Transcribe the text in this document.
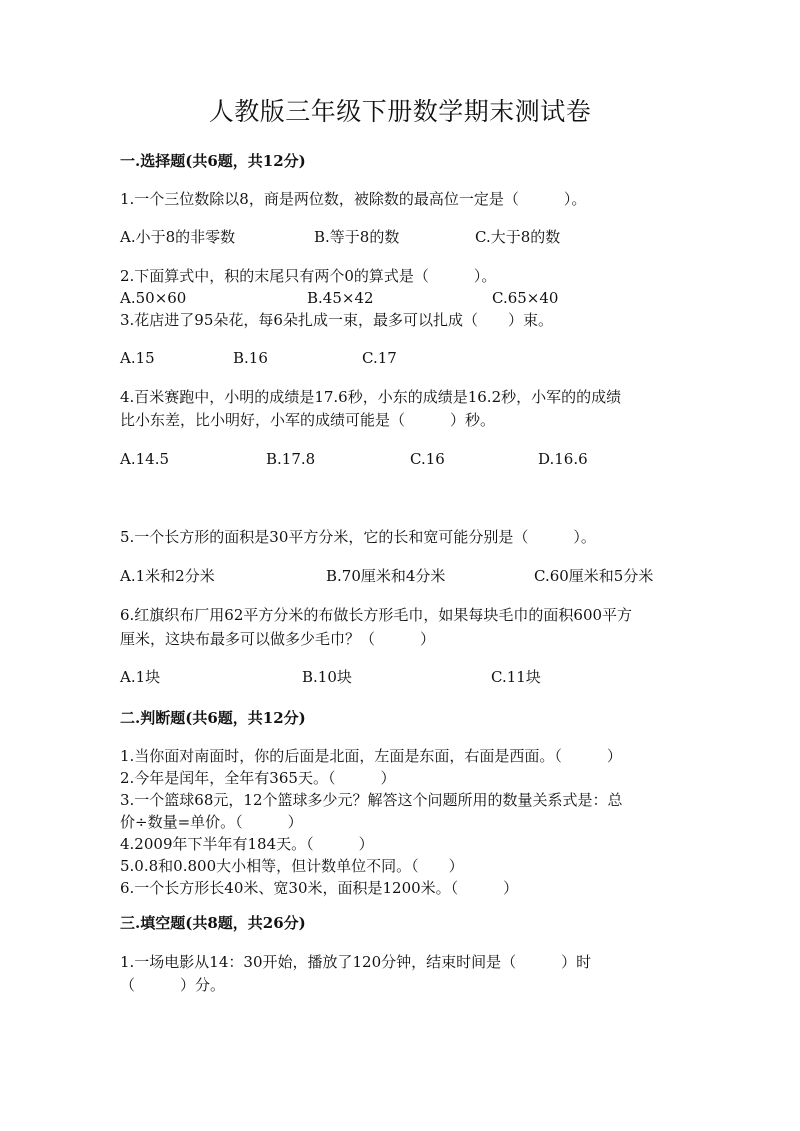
人教版三年级下册数学期末测试卷

一.选择题(共6题，共12分)

1.一个三位数除以8，商是两位数，被除数的最高位一定是（　　　）。

A.小于8的非零数	B.等于8的数	C.大于8的数

2.下面算式中，积的末尾只有两个0的算式是（　　　）。

A.50×60	B.45×42	C.65×40

3.花店进了95朵花，每6朵扎成一束，最多可以扎成（　　）束。

A.15	B.16	C.17

4.百米赛跑中，小明的成绩是17.6秒，小东的成绩是16.2秒，小军的的成绩

比小东差，比小明好，小军的成绩可能是（　　　）秒。

A.14.5	B.17.8	C.16	D.16.6

5.一个长方形的面积是30平方分米，它的长和宽可能分别是（　　　）。

A.1米和2分米	B.70厘米和4分米	C.60厘米和5分米

6.红旗织布厂用62平方分米的布做长方形毛巾，如果每块毛巾的面积600平方

厘米，这块布最多可以做多少毛巾？（　　　）

A.1块	B.10块	C.11块

二.判断题(共6题，共12分)

1.当你面对南面时，你的后面是北面，左面是东面，右面是西面。（　　　）

2.今年是闰年，全年有365天。（　　　）

3.一个篮球68元，12个篮球多少元？解答这个问题所用的数量关系式是：总

价÷数量=单价。（　　　）

4.2009年下半年有184天。（　　　）

5.0.8和0.800大小相等，但计数单位不同。（　　）

6.一个长方形长40米、宽30米，面积是1200米。（　　　）

三.填空题(共8题，共26分)

1.一场电影从14：30开始，播放了120分钟，结束时间是（　　　）时

（　　　）分。
